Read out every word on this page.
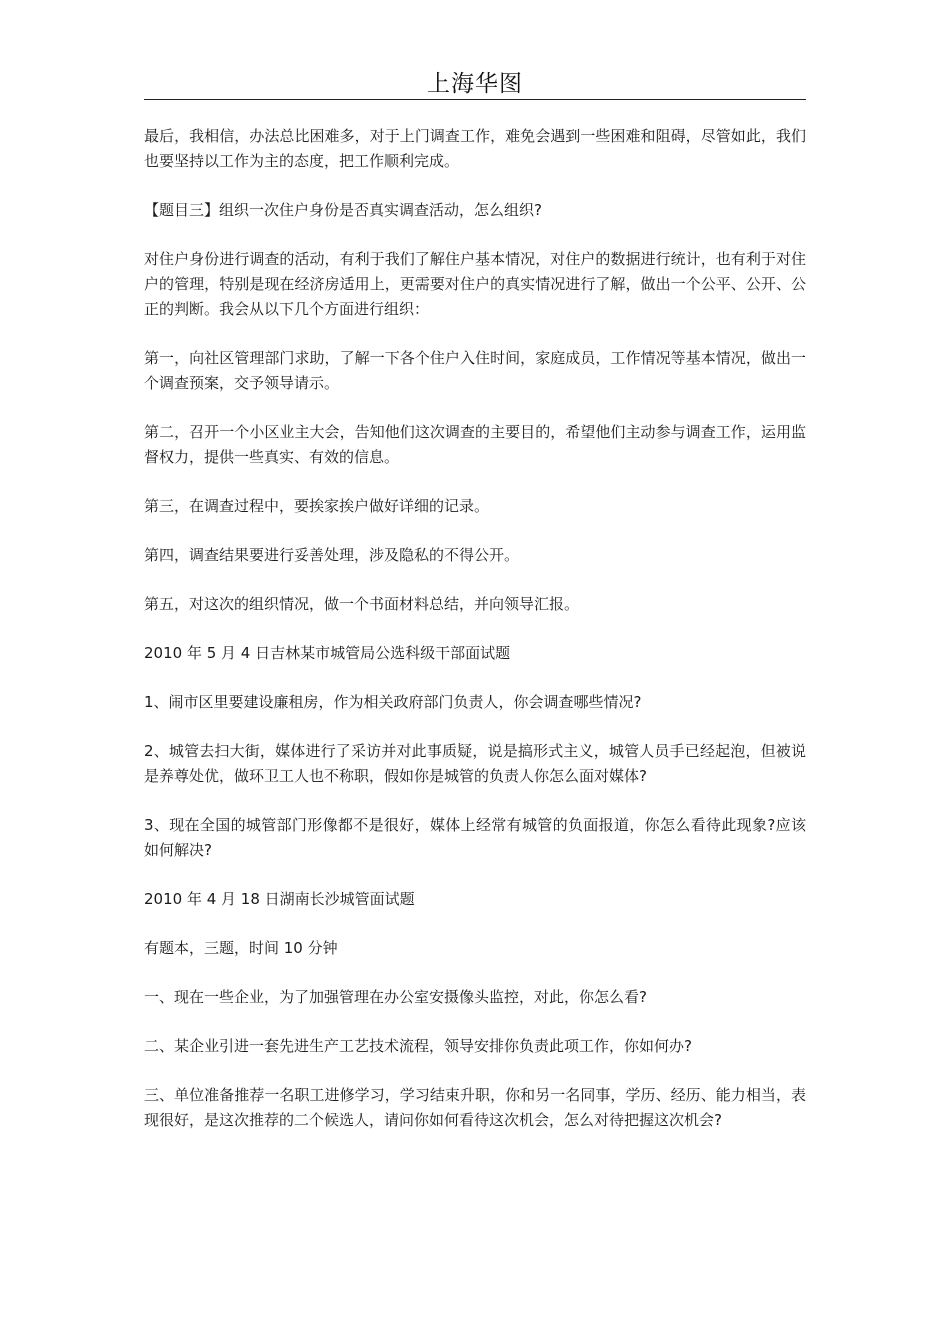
上海华图

最后，我相信，办法总比困难多，对于上门调查工作，难免会遇到一些困难和阻碍，尽管如此，我们也要坚持以工作为主的态度，把工作顺利完成。

【题目三】组织一次住户身份是否真实调查活动，怎么组织?

对住户身份进行调查的活动，有利于我们了解住户基本情况，对住户的数据进行统计，也有利于对住户的管理，特别是现在经济房适用上，更需要对住户的真实情况进行了解，做出一个公平、公开、公正的判断。我会从以下几个方面进行组织：

第一，向社区管理部门求助，了解一下各个住户入住时间，家庭成员，工作情况等基本情况，做出一个调查预案，交予领导请示。

第二，召开一个小区业主大会，告知他们这次调查的主要目的，希望他们主动参与调查工作，运用监督权力，提供一些真实、有效的信息。

第三，在调查过程中，要挨家挨户做好详细的记录。

第四，调查结果要进行妥善处理，涉及隐私的不得公开。

第五，对这次的组织情况，做一个书面材料总结，并向领导汇报。

2010 年 5 月 4 日吉林某市城管局公选科级干部面试题

1、闹市区里要建设廉租房，作为相关政府部门负责人，你会调查哪些情况?

2、城管去扫大街，媒体进行了采访并对此事质疑，说是搞形式主义，城管人员手已经起泡，但被说是养尊处优，做环卫工人也不称职，假如你是城管的负责人你怎么面对媒体?

3、现在全国的城管部门形像都不是很好，媒体上经常有城管的负面报道，你怎么看待此现象?应该如何解决?

2010 年 4 月 18 日湖南长沙城管面试题

有题本，三题，时间 10 分钟

一、现在一些企业，为了加强管理在办公室安摄像头监控，对此，你怎么看?

二、某企业引进一套先进生产工艺技术流程，领导安排你负责此项工作，你如何办?

三、单位准备推荐一名职工进修学习，学习结束升职，你和另一名同事，学历、经历、能力相当，表现很好，是这次推荐的二个候选人，请问你如何看待这次机会，怎么对待把握这次机会?
